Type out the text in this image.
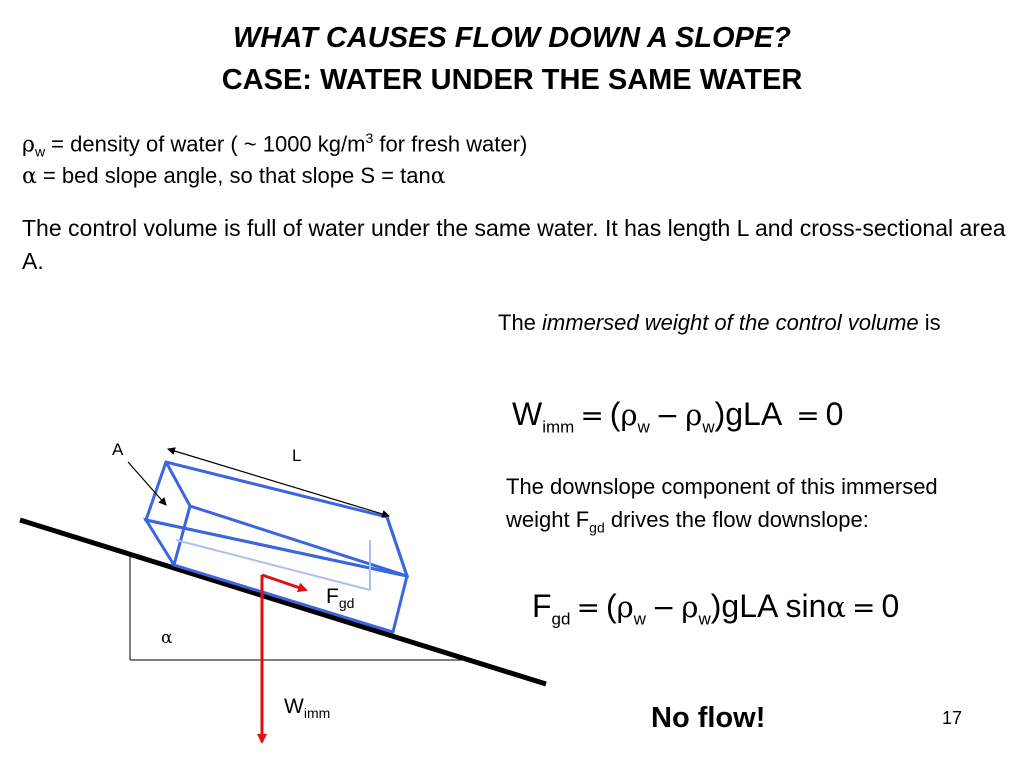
WHAT CAUSES FLOW DOWN A SLOPE?
CASE: WATER UNDER THE SAME WATER
$\rho_w$ = density of water ( ~ 1000 $kg/m^3$ for fresh water)
α = bed slope angle, so that slope S = tanα
The control volume is full of water under the same water. It has length L and cross-sectional area A.
The immersed weight of the control volume is
$W_{imm} = (\rho_w - \rho_w)gLA = 0$
The downslope component of this immersed weight $F_{gd}$ drives the flow downslope:
$F_{gd} = (\rho_w - \rho_w)gLA$ sinα = 0
A	L
α
$F_{gd}$
$W_{imm}$	No flow!	17
